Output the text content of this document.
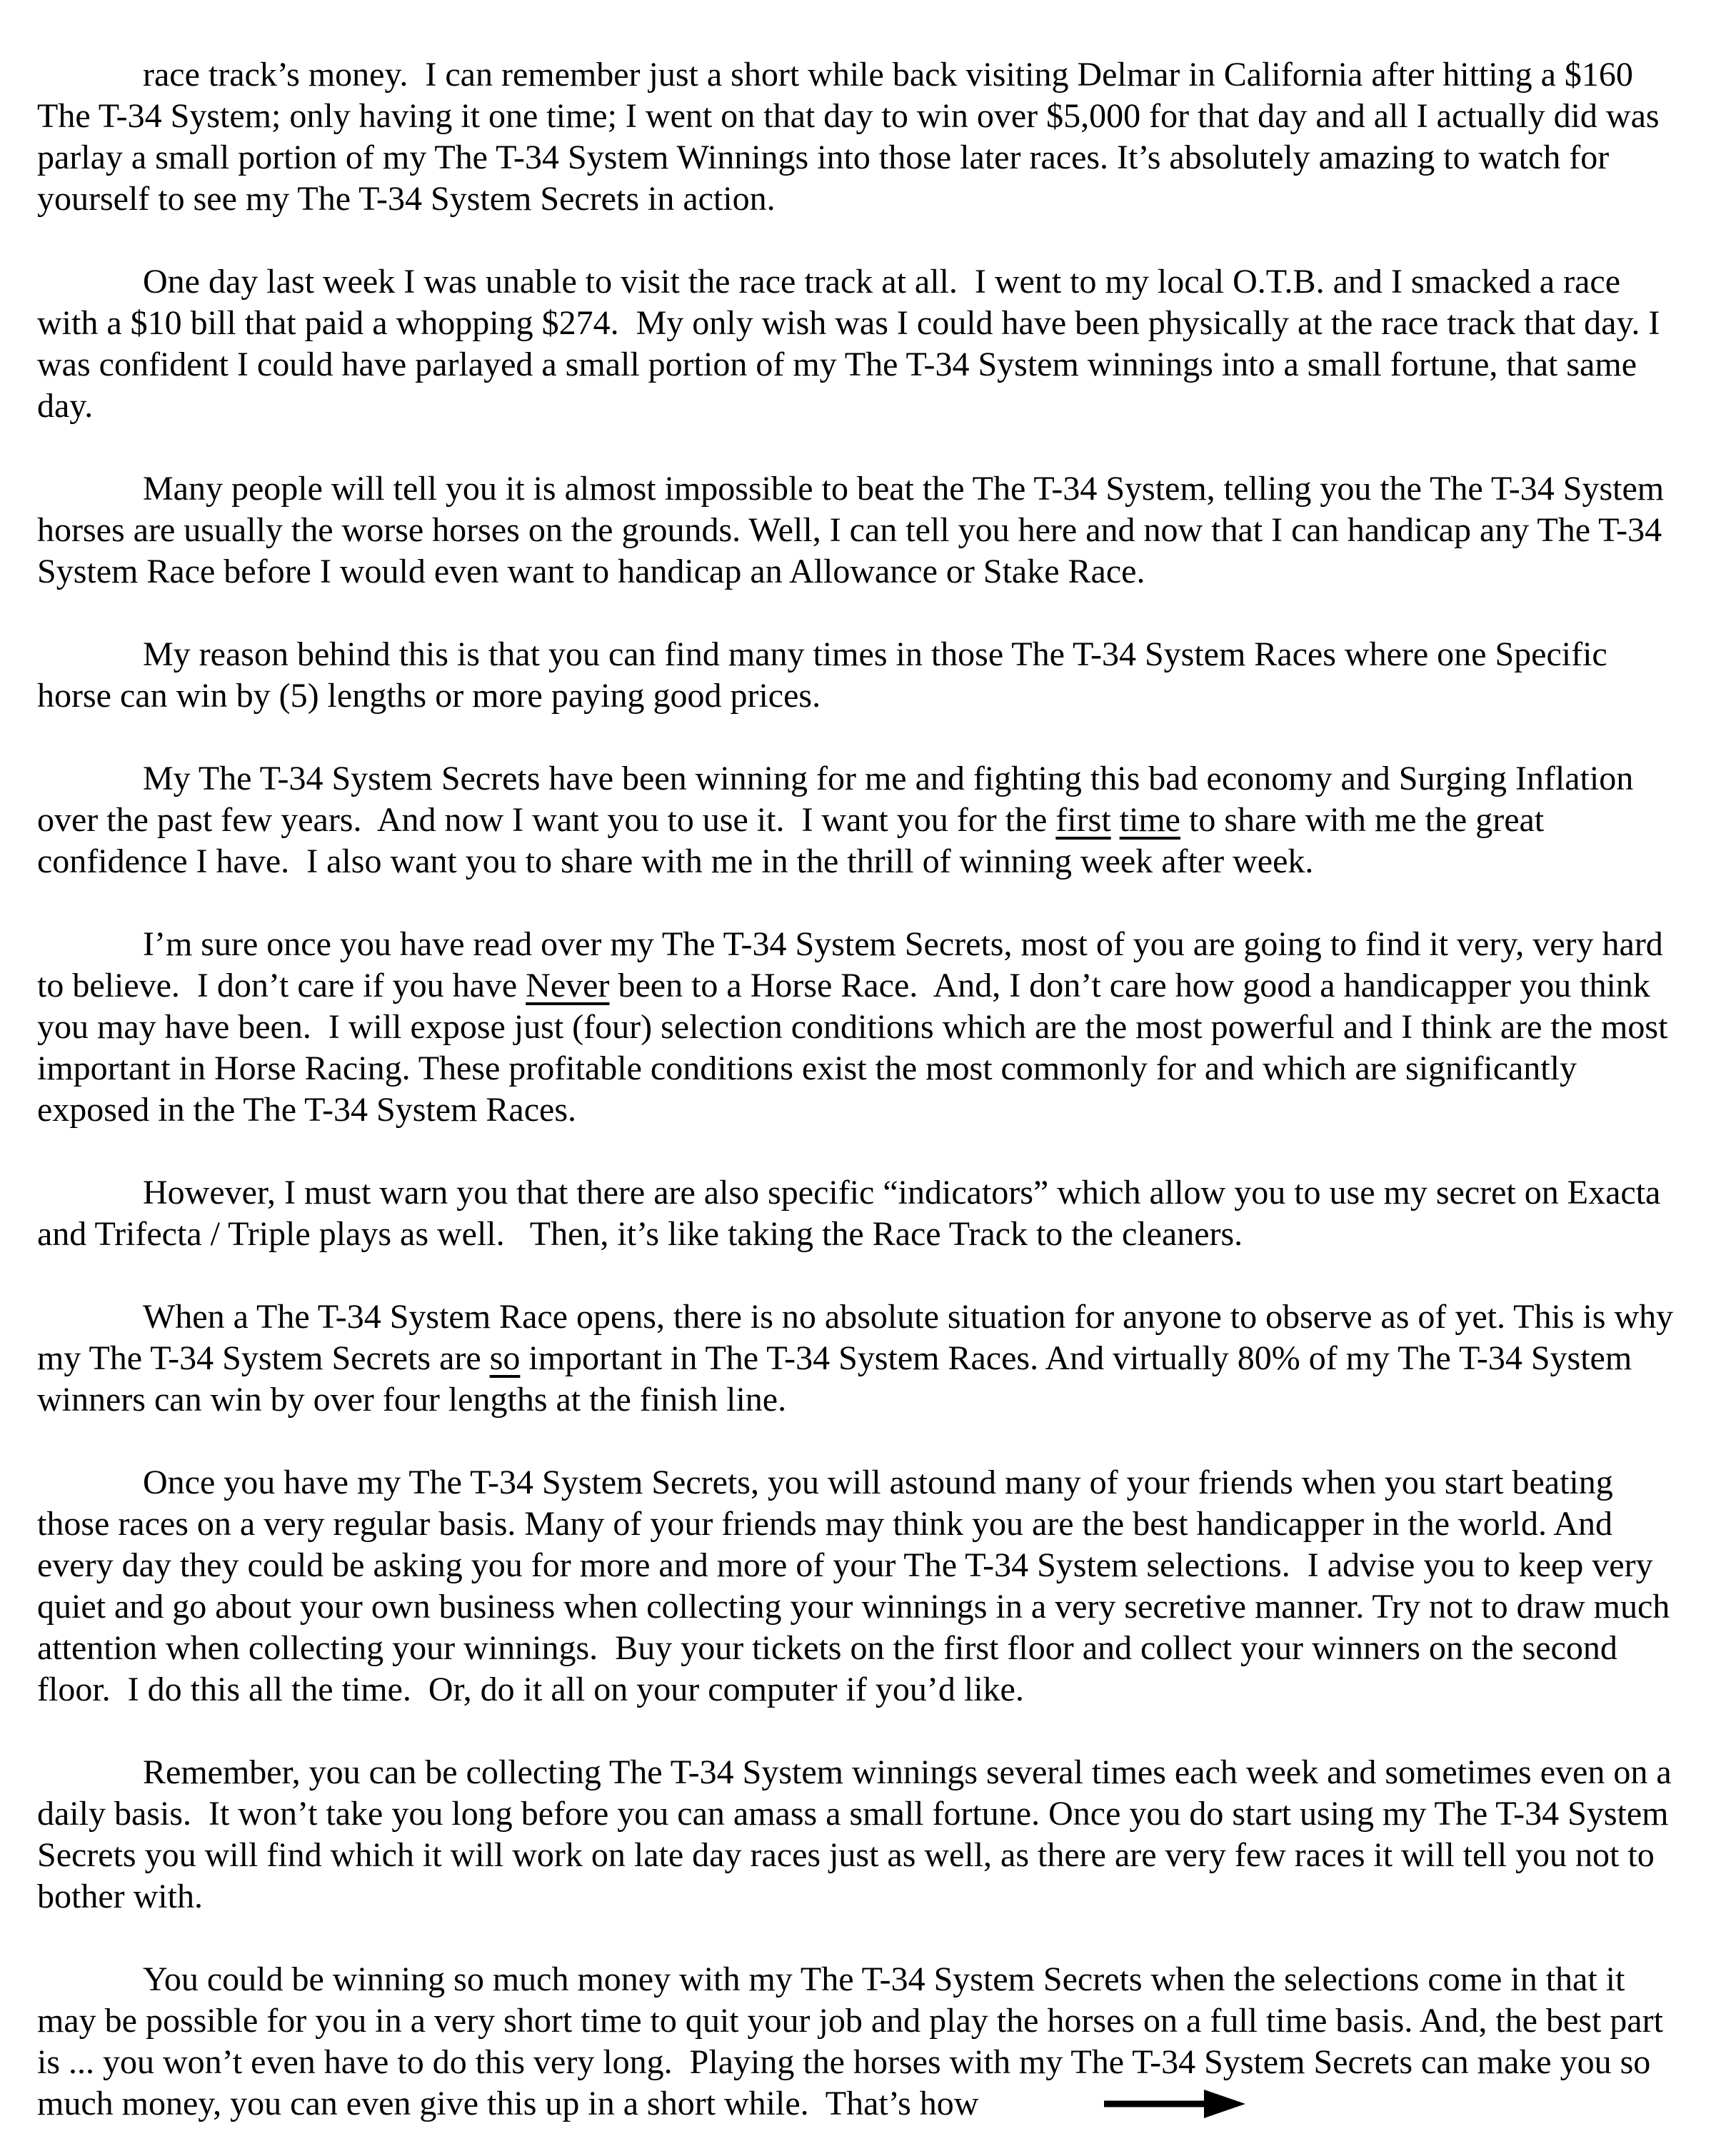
race track’s money.  I can remember just a short while back visiting Delmar in California after hitting a $160 The T-34 System; only having it one time; I went on that day to win over $5,000 for that day and all I actually did was parlay a small portion of my The T-34 System Winnings into those later races. It’s absolutely amazing to watch for yourself to see my The T-34 System Secrets in action.

One day last week I was unable to visit the race track at all.  I went to my local O.T.B. and I smacked a race with a $10 bill that paid a whopping $274.  My only wish was I could have been physically at the race track that day. I was confident I could have parlayed a small portion of my The T-34 System winnings into a small fortune, that same day.

Many people will tell you it is almost impossible to beat the The T-34 System, telling you the The T-34 System horses are usually the worse horses on the grounds. Well, I can tell you here and now that I can handicap any The T-34 System Race before I would even want to handicap an Allowance or Stake Race.

My reason behind this is that you can find many times in those The T-34 System Races where one Specific horse can win by (5) lengths or more paying good prices.

My The T-34 System Secrets have been winning for me and fighting this bad economy and Surging Inflation over the past few years.  And now I want you to use it.  I want you for the first time to share with me the great confidence I have.  I also want you to share with me in the thrill of winning week after week.

I’m sure once you have read over my The T-34 System Secrets, most of you are going to find it very, very hard to believe.  I don’t care if you have Never been to a Horse Race.  And, I don’t care how good a handicapper you think you may have been.  I will expose just (four) selection conditions which are the most powerful and I think are the most important in Horse Racing. These profitable conditions exist the most commonly for and which are significantly exposed in the The T-34 System Races.

However, I must warn you that there are also specific “indicators” which allow you to use my secret on Exacta and Trifecta / Triple plays as well.   Then, it’s like taking the Race Track to the cleaners.

When a The T-34 System Race opens, there is no absolute situation for anyone to observe as of yet. This is why my The T-34 System Secrets are so important in The T-34 System Races. And virtually 80% of my The T-34 System winners can win by over four lengths at the finish line.

Once you have my The T-34 System Secrets, you will astound many of your friends when you start beating those races on a very regular basis. Many of your friends may think you are the best handicapper in the world. And every day they could be asking you for more and more of your The T-34 System selections.  I advise you to keep very quiet and go about your own business when collecting your winnings in a very secretive manner. Try not to draw much attention when collecting your winnings.  Buy your tickets on the first floor and collect your winners on the second floor.  I do this all the time.  Or, do it all on your computer if you’d like.

Remember, you can be collecting The T-34 System winnings several times each week and sometimes even on a daily basis.  It won’t take you long before you can amass a small fortune. Once you do start using my The T-34 System Secrets you will find which it will work on late day races just as well, as there are very few races it will tell you not to bother with.

You could be winning so much money with my The T-34 System Secrets when the selections come in that it may be possible for you in a very short time to quit your job and play the horses on a full time basis. And, the best part is ... you won’t even have to do this very long.  Playing the horses with my The T-34 System Secrets can make you so much money, you can even give this up in a short while.  That’s how
